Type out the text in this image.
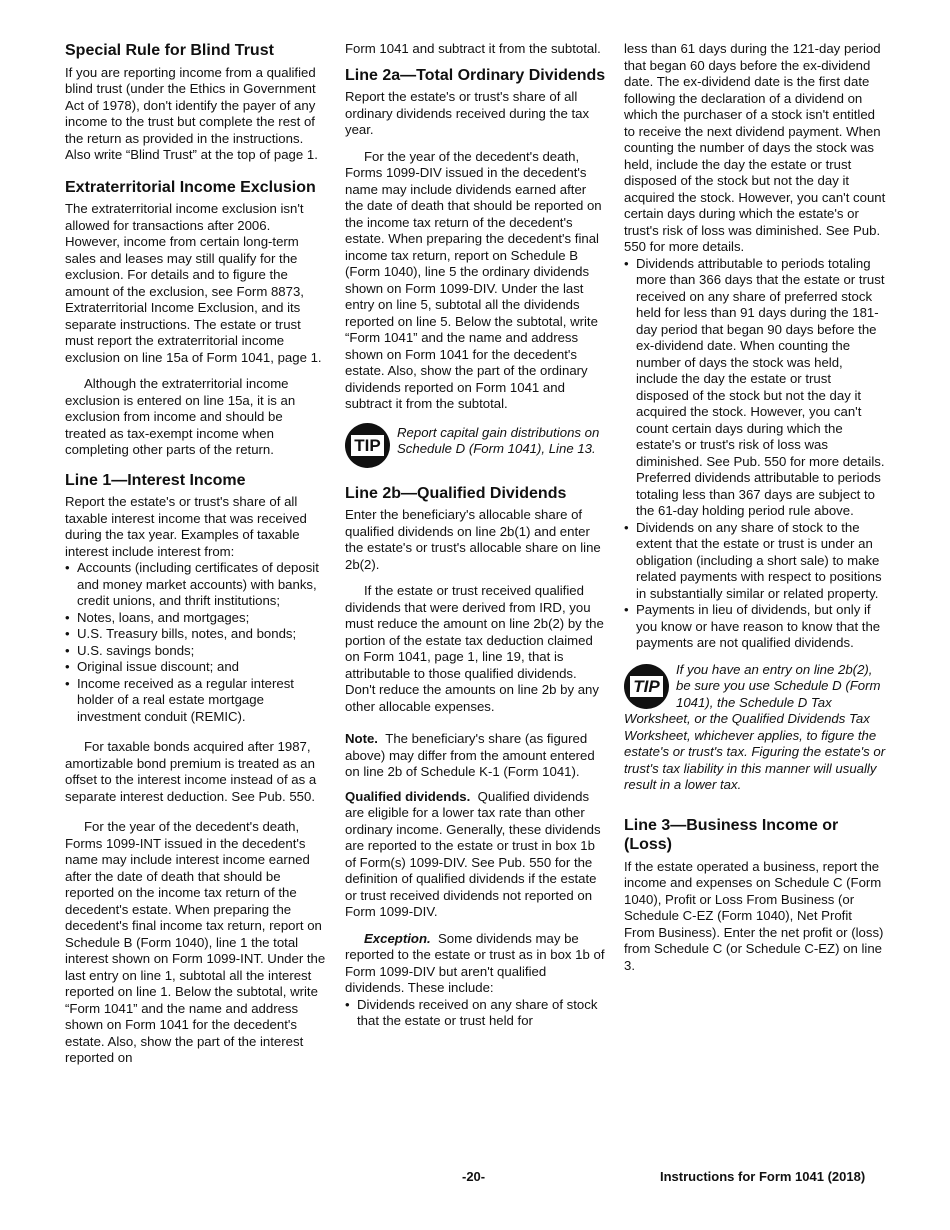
Special Rule for Blind Trust

If you are reporting income from a qualified blind trust (under the Ethics in Government Act of 1978), don't identify the payer of any income to the trust but complete the rest of the return as provided in the instructions. Also write “Blind Trust” at the top of page 1.

Extraterritorial Income Exclusion

The extraterritorial income exclusion isn't allowed for transactions after 2006. However, income from certain long-term sales and leases may still qualify for the exclusion. For details and to figure the amount of the exclusion, see Form 8873, Extraterritorial Income Exclusion, and its separate instructions. The estate or trust must report the extraterritorial income exclusion on line 15a of Form 1041, page 1.

Although the extraterritorial income exclusion is entered on line 15a, it is an exclusion from income and should be treated as tax-exempt income when completing other parts of the return.

Line 1—Interest Income

Report the estate's or trust's share of all taxable interest income that was received during the tax year. Examples of taxable interest include interest from:

• Accounts (including certificates of deposit and money market accounts) with banks, credit unions, and thrift institutions;
• Notes, loans, and mortgages;
• U.S. Treasury bills, notes, and bonds;
• U.S. savings bonds;
• Original issue discount; and
• Income received as a regular interest holder of a real estate mortgage investment conduit (REMIC).

For taxable bonds acquired after 1987, amortizable bond premium is treated as an offset to the interest income instead of as a separate interest deduction. See Pub. 550.

For the year of the decedent's death, Forms 1099-INT issued in the decedent's name may include interest income earned after the date of death that should be reported on the income tax return of the decedent's estate. When preparing the decedent's final income tax return, report on Schedule B (Form 1040), line 1 the total interest shown on Form 1099-INT. Under the last entry on line 1, subtotal all the interest reported on line 1. Below the subtotal, write “Form 1041” and the name and address shown on Form 1041 for the decedent's estate. Also, show the part of the interest reported on

Form 1041 and subtract it from the subtotal.

Line 2a—Total Ordinary Dividends

Report the estate's or trust's share of all ordinary dividends received during the tax year.

For the year of the decedent's death, Forms 1099-DIV issued in the decedent's name may include dividends earned after the date of death that should be reported on the income tax return of the decedent's estate. When preparing the decedent's final income tax return, report on Schedule B (Form 1040), line 5 the ordinary dividends shown on Form 1099-DIV. Under the last entry on line 5, subtotal all the dividends reported on line 5. Below the subtotal, write “Form 1041” and the name and address shown on Form 1041 for the decedent's estate. Also, show the part of the ordinary dividends reported on Form 1041 and subtract it from the subtotal.

TIP
Report capital gain distributions on Schedule D (Form 1041), Line 13.
Line 2b—Qualified Dividends

Enter the beneficiary's allocable share of qualified dividends on line 2b(1) and enter the estate's or trust's allocable share on line 2b(2).

If the estate or trust received qualified dividends that were derived from IRD, you must reduce the amount on line 2b(2) by the portion of the estate tax deduction claimed on Form 1041, page 1, line 19, that is attributable to those qualified dividends. Don't reduce the amounts on line 2b by any other allocable expenses.

Note. The beneficiary's share (as figured above) may differ from the amount entered on line 2b of Schedule K-1 (Form 1041).

Qualified dividends. Qualified dividends are eligible for a lower tax rate than other ordinary income. Generally, these dividends are reported to the estate or trust in box 1b of Form(s) 1099-DIV. See Pub. 550 for the definition of qualified dividends if the estate or trust received dividends not reported on Form 1099-DIV.

Exception. Some dividends may be reported to the estate or trust as in box 1b of Form 1099-DIV but aren't qualified dividends. These include:

• Dividends received on any share of stock that the estate or trust held for

less than 61 days during the 121-day period that began 60 days before the ex-dividend date. The ex-dividend date is the first date following the declaration of a dividend on which the purchaser of a stock isn't entitled to receive the next dividend payment. When counting the number of days the stock was held, include the day the estate or trust disposed of the stock but not the day it acquired the stock. However, you can't count certain days during which the estate's or trust's risk of loss was diminished. See Pub. 550 for more details.

• Dividends attributable to periods totaling more than 366 days that the estate or trust received on any share of preferred stock held for less than 91 days during the 181-day period that began 90 days before the ex-dividend date. When counting the number of days the stock was held, include the day the estate or trust disposed of the stock but not the day it acquired the stock. However, you can't count certain days during which the estate's or trust's risk of loss was diminished. See Pub. 550 for more details. Preferred dividends attributable to periods totaling less than 367 days are subject to the 61-day holding period rule above.
• Dividends on any share of stock to the extent that the estate or trust is under an obligation (including a short sale) to make related payments with respect to positions in substantially similar or related property.
• Payments in lieu of dividends, but only if you know or have reason to know that the payments are not qualified dividends.
TIP
If you have an entry on line 2b(2), be sure you use Schedule D (Form 1041), the Schedule D Tax Worksheet, or the Qualified Dividends Tax Worksheet, whichever applies, to figure the estate's or trust's tax. Figuring the estate's or trust's tax liability in this manner will usually result in a lower tax.
Line 3—Business Income or (Loss)

If the estate operated a business, report the income and expenses on Schedule C (Form 1040), Profit or Loss From Business (or Schedule C-EZ (Form 1040), Net Profit From Business). Enter the net profit or (loss) from Schedule C (or Schedule C-EZ) on line 3.

-20-	Instructions for Form 1041 (2018)
